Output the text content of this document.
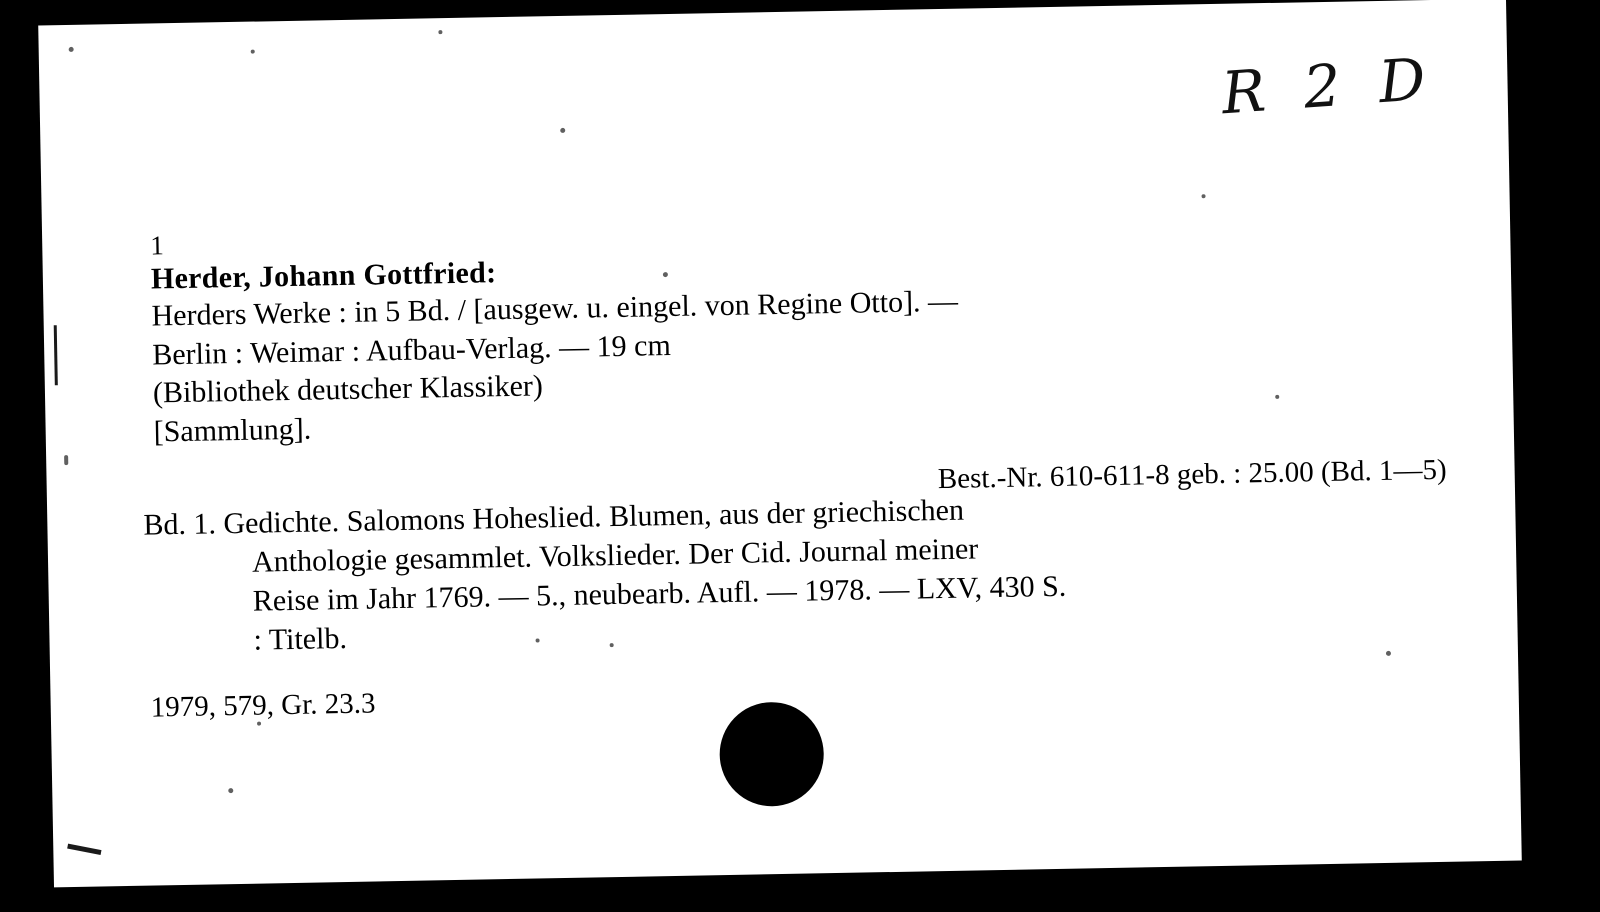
R 2 D
1
Herder, Johann Gottfried:
Herders Werke : in 5 Bd. / [ausgew. u. eingel. von Regine Otto]. —
Berlin : Weimar : Aufbau-Verlag. — 19 cm
(Bibliothek deutscher Klassiker)
[Sammlung].
Best.-Nr. 610-611-8 geb. : 25.00 (Bd. 1—5)
Bd. 1. Gedichte. Salomons Hoheslied. Blumen, aus der griechischen
Anthologie gesammlet. Volkslieder. Der Cid. Journal meiner
Reise im Jahr 1769. — 5., neubearb. Aufl. — 1978. — LXV, 430 S.
: Titelb.
1979, 579, Gr. 23.3
